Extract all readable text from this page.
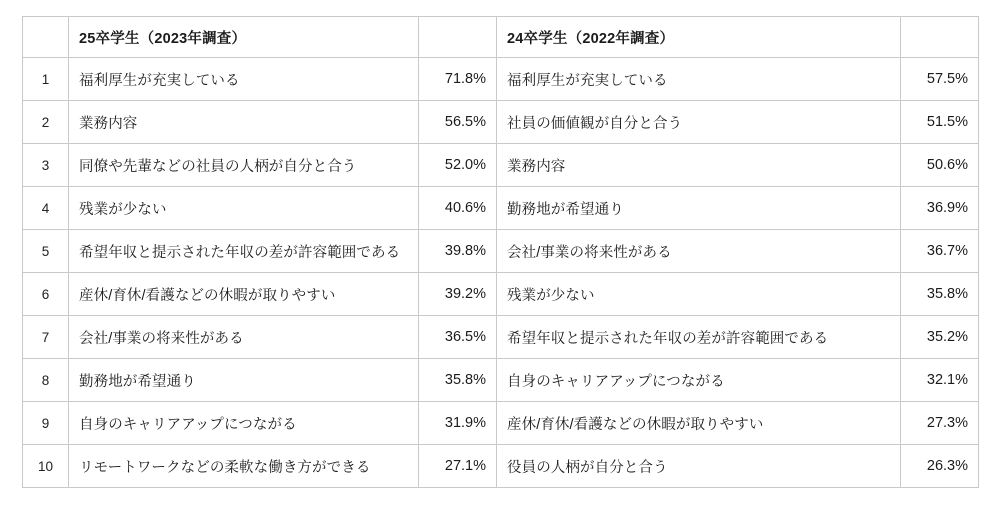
	25卒学生（2023年調査）		24卒学生（2022年調査）	
1	福利厚生が充実している	71.8%	福利厚生が充実している	57.5%
2	業務内容	56.5%	社員の価値観が自分と合う	51.5%
3	同僚や先輩などの社員の人柄が自分と合う	52.0%	業務内容	50.6%
4	残業が少ない	40.6%	勤務地が希望通り	36.9%
5	希望年収と提示された年収の差が許容範囲である	39.8%	会社/事業の将来性がある	36.7%
6	産休/育休/看護などの休暇が取りやすい	39.2%	残業が少ない	35.8%
7	会社/事業の将来性がある	36.5%	希望年収と提示された年収の差が許容範囲である	35.2%
8	勤務地が希望通り	35.8%	自身のキャリアアップにつながる	32.1%
9	自身のキャリアアップにつながる	31.9%	産休/育休/看護などの休暇が取りやすい	27.3%
10	リモートワークなどの柔軟な働き方ができる	27.1%	役員の人柄が自分と合う	26.3%
